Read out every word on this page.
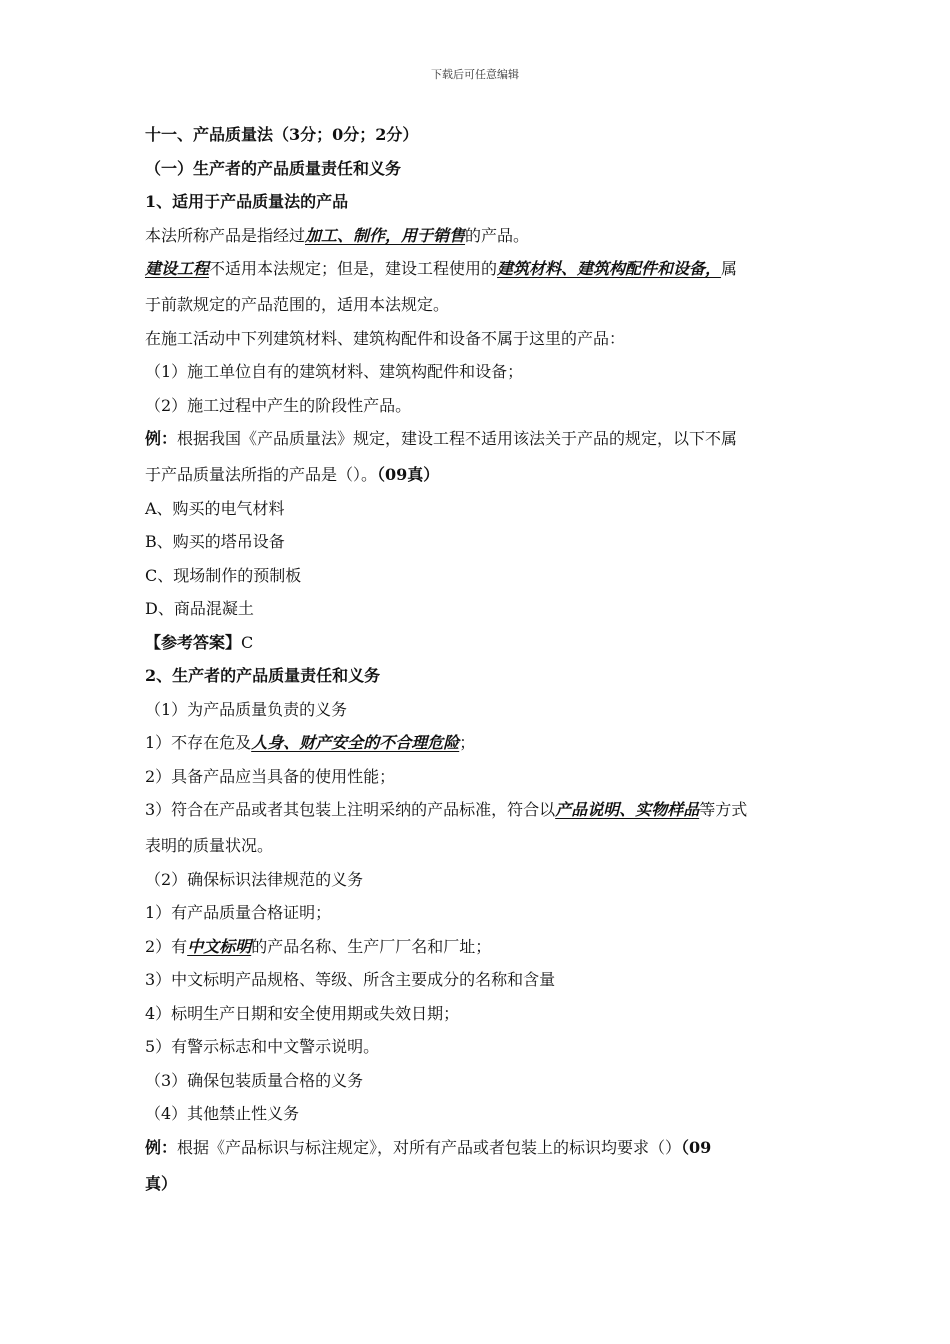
下载后可任意编辑
十一、产品质量法（3分；0分；2分）
（一）生产者的产品质量责任和义务
1、适用于产品质量法的产品
本法所称产品是指经过加工、制作，用于销售的产品。
建设工程不适用本法规定；但是，建设工程使用的建筑材料、建筑构配件和设备，属
于前款规定的产品范围的，适用本法规定。
在施工活动中下列建筑材料、建筑构配件和设备不属于这里的产品：
（1）施工单位自有的建筑材料、建筑构配件和设备；
（2）施工过程中产生的阶段性产品。
例：根据我国《产品质量法》规定，建设工程不适用该法关于产品的规定，以下不属
于产品质量法所指的产品是（）。（09真）
A、购买的电气材料
B、购买的塔吊设备
C、现场制作的预制板
D、商品混凝土
【参考答案】C
2、生产者的产品质量责任和义务
（1）为产品质量负责的义务
1）不存在危及人身、财产安全的不合理危险；
2）具备产品应当具备的使用性能；
3）符合在产品或者其包装上注明采纳的产品标准，符合以产品说明、实物样品等方式
表明的质量状况。
（2）确保标识法律规范的义务
1）有产品质量合格证明；
2）有中文标明的产品名称、生产厂厂名和厂址；
3）中文标明产品规格、等级、所含主要成分的名称和含量
4）标明生产日期和安全使用期或失效日期；
5）有警示标志和中文警示说明。
（3）确保包装质量合格的义务
（4）其他禁止性义务
例：根据《产品标识与标注规定》，对所有产品或者包装上的标识均要求（）（09
真）
